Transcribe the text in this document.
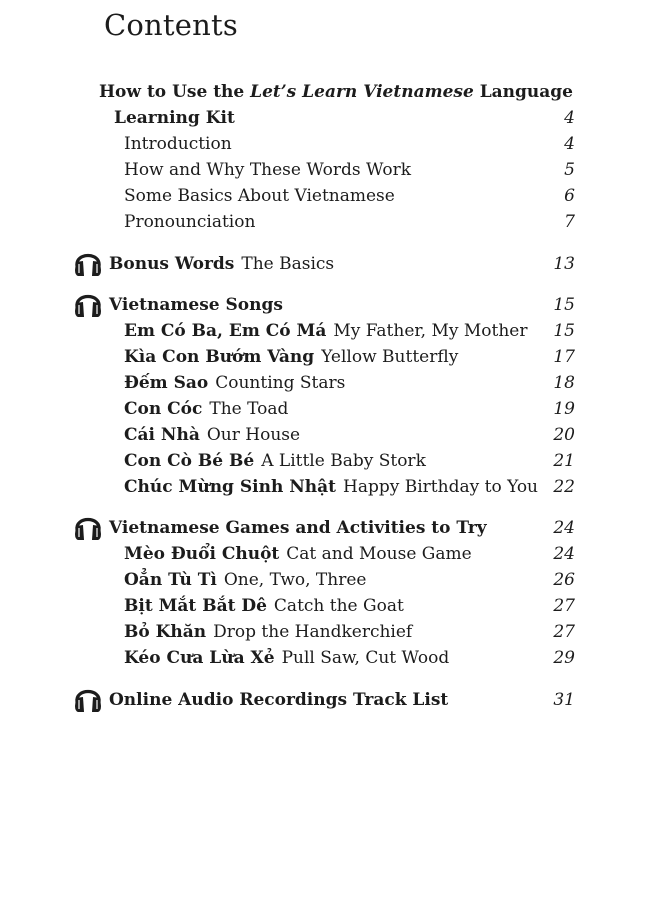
Contents
How to Use the Let’s Learn Vietnamese Language
Learning Kit	4
Introduction	4
How and Why These Words Work	5
Some Basics About Vietnamese	6
Pronounciation	7
Bonus Words The Basics	13
Vietnamese Songs	15
Em Có Ba, Em Có Má My Father, My Mother 15
Kìa Con Bướm Vàng Yellow Butterfly	17
Đếm Sao Counting Stars	18
Con Cóc The Toad	19
Cái Nhà Our House	20
Con Cò Bé Bé A Little Baby Stork	21
Chúc Mừng Sinh Nhật Happy Birthday to You 22
Vietnamese Games and Activities to Try	24
Mèo Đuổi Chuột Cat and Mouse Game	24
Oẳn Tù Tì One, Two, Three	26
Bịt Mắt Bắt Dê Catch the Goat	27
Bỏ Khăn Drop the Handkerchief	27
Kéo Cưa Lừa Xẻ Pull Saw, Cut Wood	29
Online Audio Recordings Track List	31
